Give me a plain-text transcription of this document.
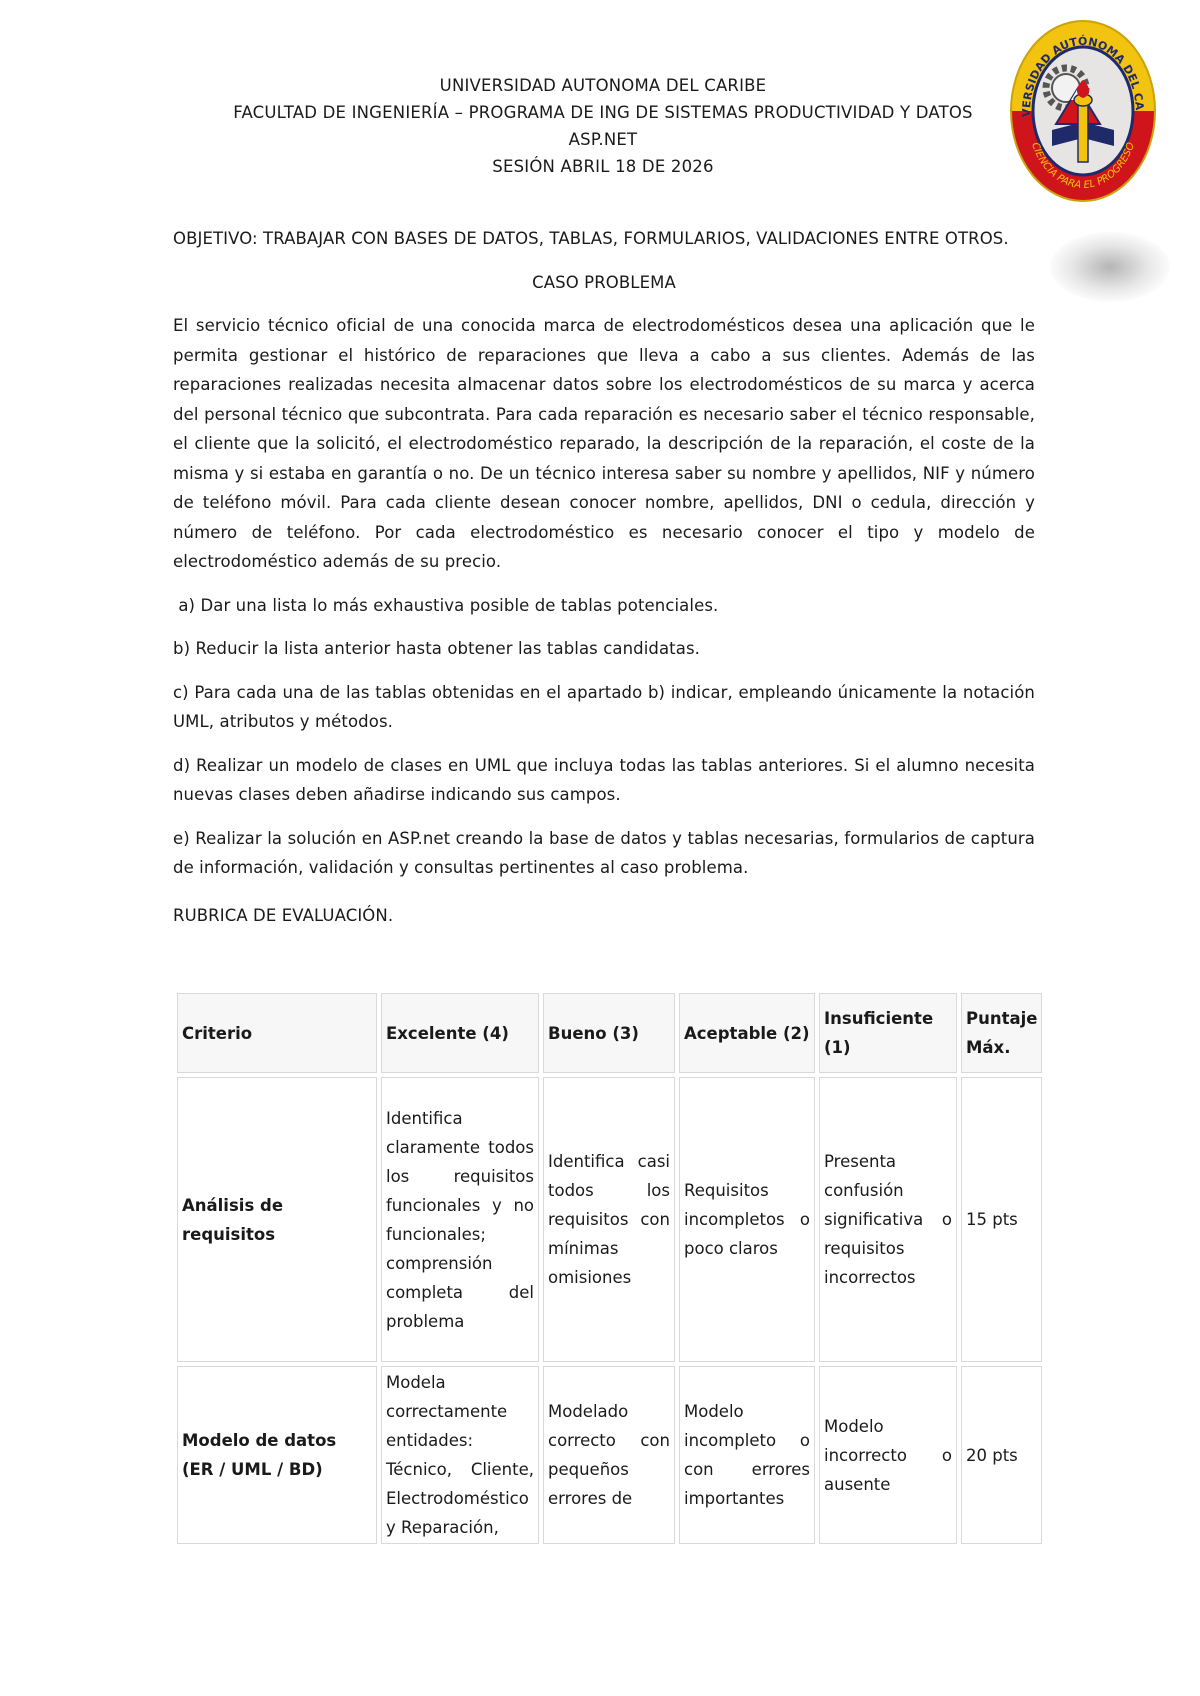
UNIVERSIDAD AUTONOMA DEL CARIBE
FACULTAD DE INGENIERÍA – PROGRAMA DE ING DE SISTEMAS PRODUCTIVIDAD Y DATOS
ASP.NET
SESIÓN ABRIL 18 DE 2026
VERSIDAD AUTÓNOMA DEL CA
CIENCIA PARA EL PROGRESO

OBJETIVO: TRABAJAR CON BASES DE DATOS, TABLAS, FORMULARIOS, VALIDACIONES ENTRE OTROS.

CASO PROBLEMA

El servicio técnico oficial de una conocida marca de electrodomésticos desea una aplicación que le permita gestionar el histórico de reparaciones que lleva a cabo a sus clientes. Además de las reparaciones realizadas necesita almacenar datos sobre los electrodomésticos de su marca y acerca del personal técnico que subcontrata. Para cada reparación es necesario saber el técnico responsable, el cliente que la solicitó, el electrodoméstico reparado, la descripción de la reparación, el coste de la misma y si estaba en garantía o no. De un técnico interesa saber su nombre y apellidos, NIF y número de teléfono móvil. Para cada cliente desean conocer nombre, apellidos, DNI o cedula, dirección y número de teléfono. Por cada electrodoméstico es necesario conocer el tipo y modelo de electrodoméstico además de su precio.

a) Dar una lista lo más exhaustiva posible de tablas potenciales.

b) Reducir la lista anterior hasta obtener las tablas candidatas.

c) Para cada una de las tablas obtenidas en el apartado b) indicar, empleando únicamente la notación UML, atributos y métodos.

d) Realizar un modelo de clases en UML que incluya todas las tablas anteriores. Si el alumno necesita nuevas clases deben añadirse indicando sus campos.

e) Realizar la solución en ASP.net creando la base de datos y tablas necesarias, formularios de captura de información, validación y consultas pertinentes al caso problema.

RUBRICA DE EVALUACIÓN.

Criterio	Excelente (4)	Bueno (3)	Aceptable (2)	Insuficiente (1)	Puntaje Máx.
Análisis de requisitos	Identifica claramente todos los requisitos funcionales y no funcionales; comprensión completa del problema	Identifica casi todos los requisitos con mínimas omisiones	Requisitos incompletos o poco claros	Presenta confusión significativa o requisitos incorrectos	15 pts
Modelo de datos (ER / UML / BD)	Modela correctamente entidades: Técnico, Cliente, Electrodoméstico y Reparación,	Modelado correcto con pequeños errores de	Modelo incompleto o con errores importantes	Modelo incorrecto o ausente	20 pts
